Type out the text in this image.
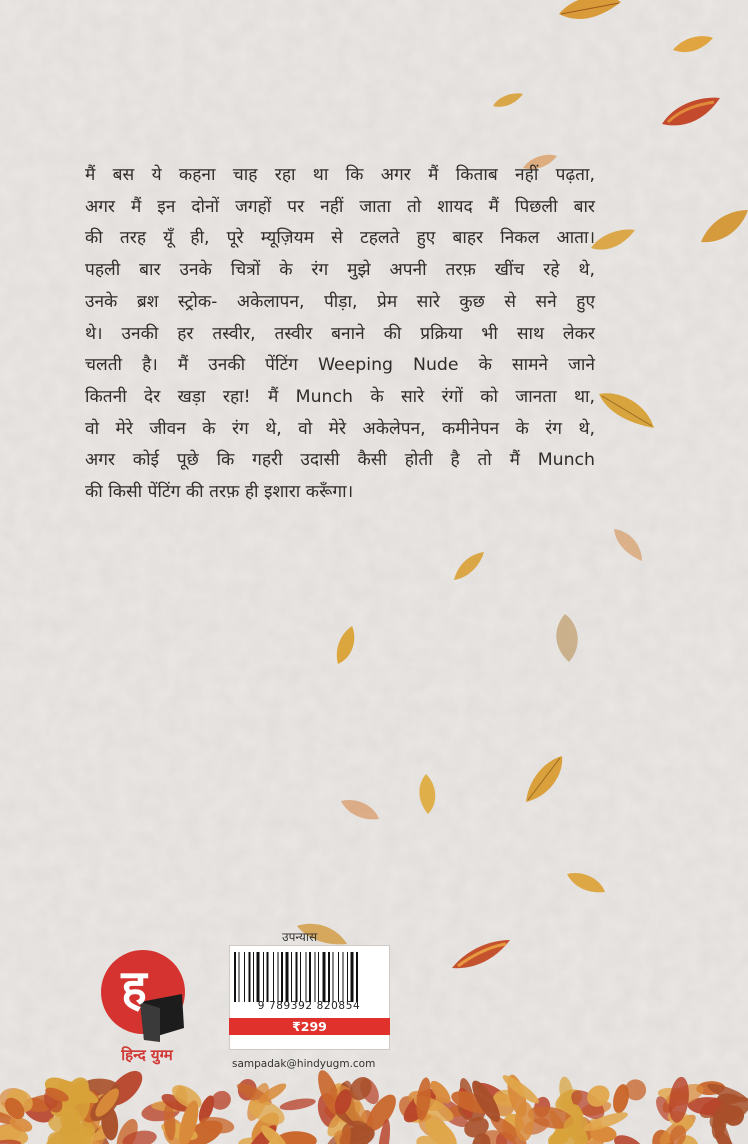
मैं बस ये कहना चाह रहा था कि अगर मैं किताब नहीं पढ़ता,
अगर मैं इन दोनों जगहों पर नहीं जाता तो शायद मैं पिछली बार
की तरह यूँ ही, पूरे म्यूज़ियम से टहलते हुए बाहर निकल आता।
पहली बार उनके चित्रों के रंग मुझे अपनी तरफ़ खींच रहे थे,
उनके ब्रश स्ट्रोक- अकेलापन, पीड़ा, प्रेम सारे कुछ से सने हुए
थे। उनकी हर तस्वीर, तस्वीर बनाने की प्रक्रिया भी साथ लेकर
चलती है। मैं उनकी पेंटिंग Weeping Nude के सामने जाने
कितनी देर खड़ा रहा! मैं Munch के सारे रंगों को जानता था,
वो मेरे जीवन के रंग थे, वो मेरे अकेलेपन, कमीनेपन के रंग थे,
अगर कोई पूछे कि गहरी उदासी कैसी होती है तो मैं Munch
की किसी पेंटिंग की तरफ़ ही इशारा करूँगा।
ह
हिन्द युग्म
उपन्यास
9 789392 820854
₹299
sampadak@hindyugm.com
